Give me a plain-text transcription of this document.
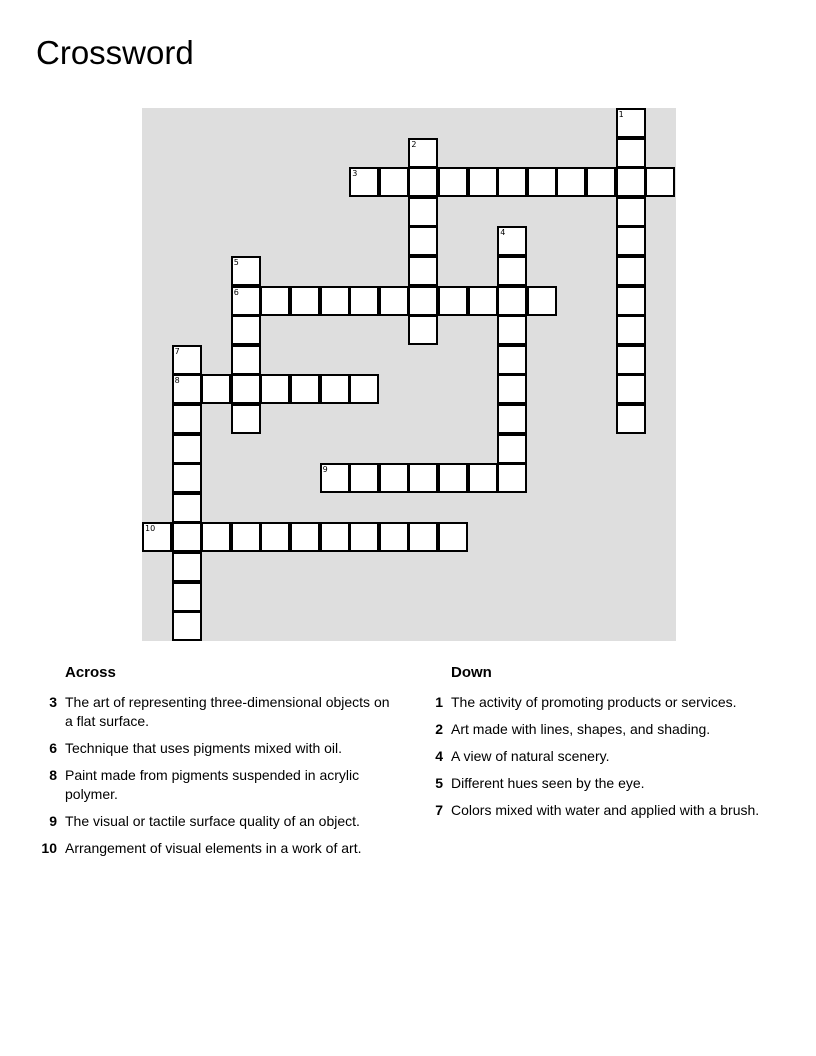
Crossword
1
2
3
4
5
6
7
8
9
10
Across
3 The art of representing three-dimensional objects on a flat surface.
6 Technique that uses pigments mixed with oil.
8 Paint made from pigments suspended in acrylic polymer.
9 The visual or tactile surface quality of an object.
10 Arrangement of visual elements in a work of art.
Down
1 The activity of promoting products or services.
2 Art made with lines, shapes, and shading.
4 A view of natural scenery.
5 Different hues seen by the eye.
7 Colors mixed with water and applied with a brush.
